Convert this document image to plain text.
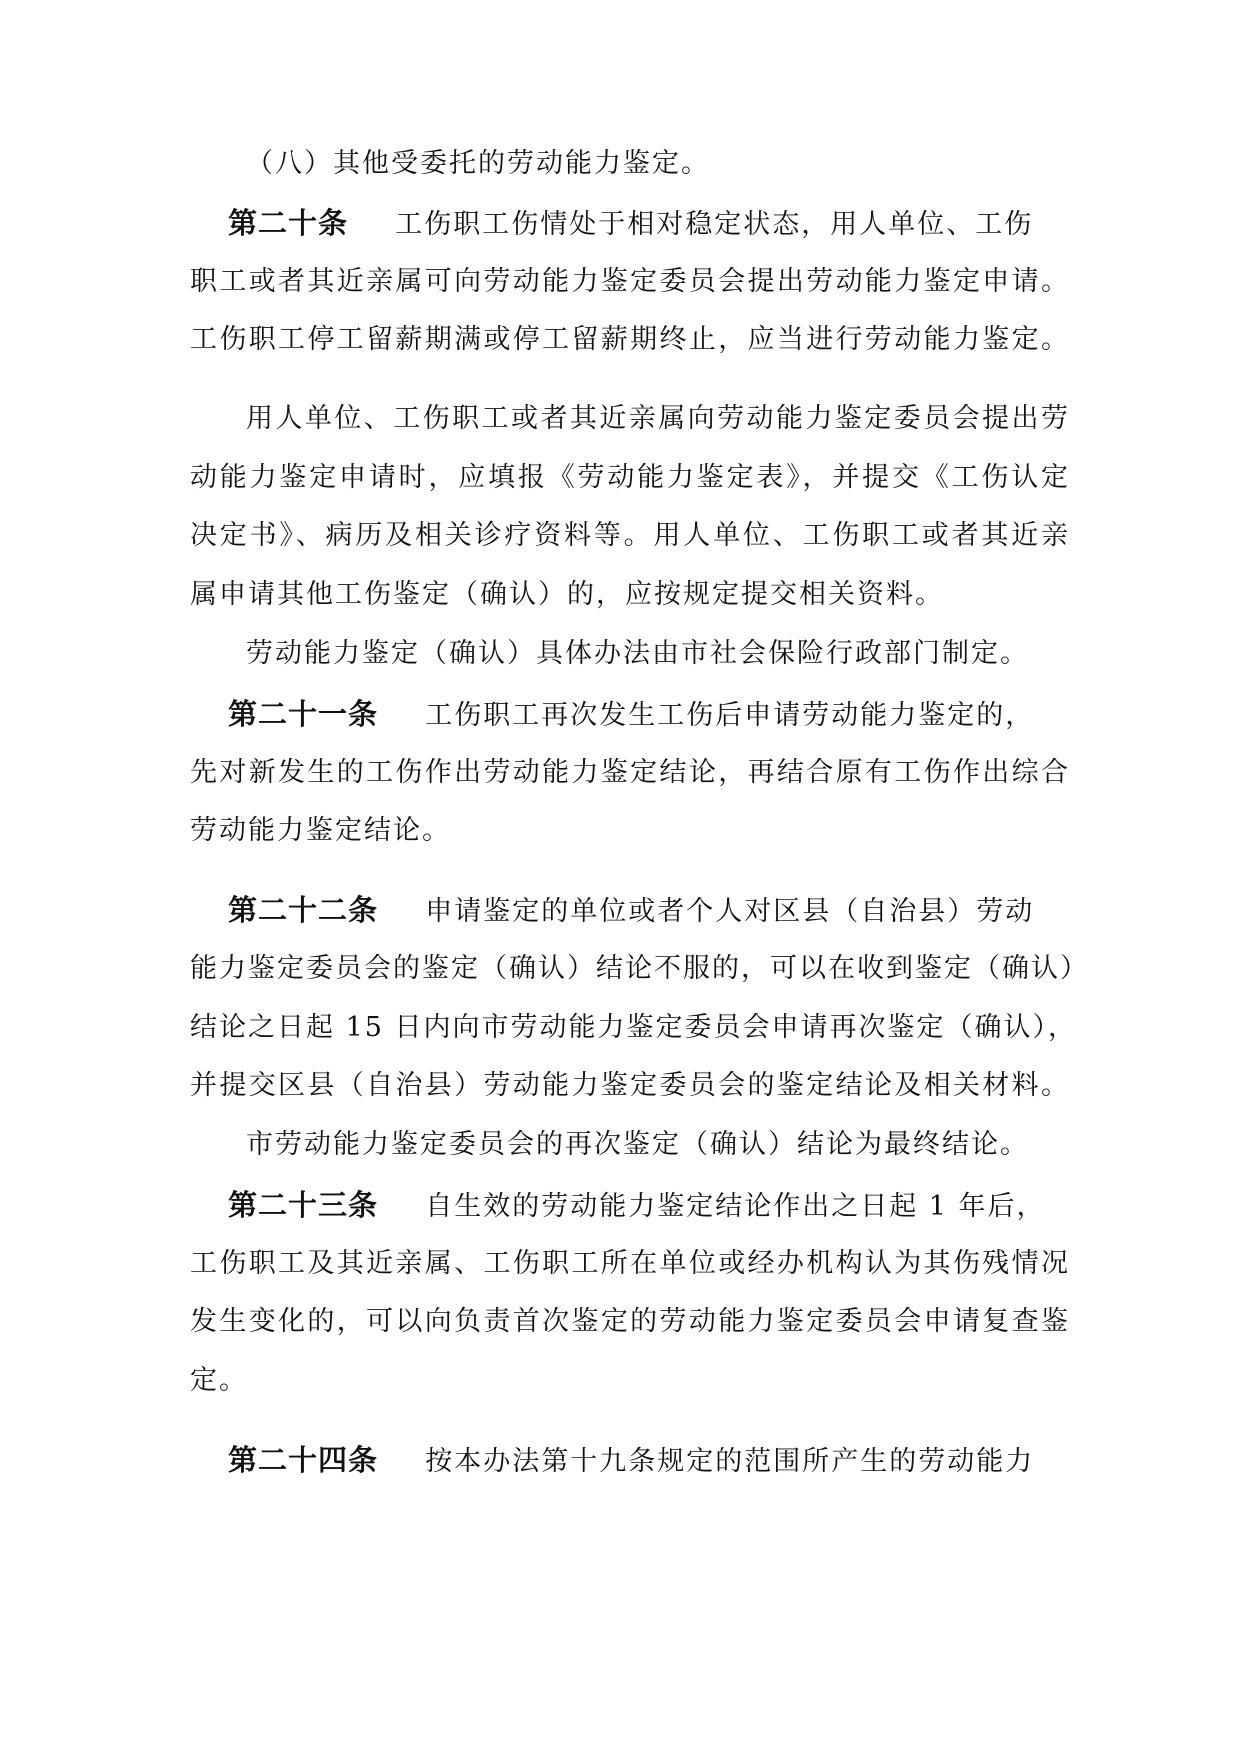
（八）其他受委托的劳动能力鉴定。
第二十条 工伤职工伤情处于相对稳定状态，用人单位、工伤
职工或者其近亲属可向劳动能力鉴定委员会提出劳动能力鉴定申请。
工伤职工停工留薪期满或停工留薪期终止，应当进行劳动能力鉴定。
用人单位、工伤职工或者其近亲属向劳动能力鉴定委员会提出劳
动能力鉴定申请时，应填报《劳动能力鉴定表》，并提交《工伤认定
决定书》、病历及相关诊疗资料等。用人单位、工伤职工或者其近亲
属申请其他工伤鉴定（确认）的，应按规定提交相关资料。
劳动能力鉴定（确认）具体办法由市社会保险行政部门制定。
第二十一条 工伤职工再次发生工伤后申请劳动能力鉴定的，
先对新发生的工伤作出劳动能力鉴定结论，再结合原有工伤作出综合
劳动能力鉴定结论。
第二十二条 申请鉴定的单位或者个人对区县（自治县）劳动
能力鉴定委员会的鉴定（确认）结论不服的，可以在收到鉴定（确认）
结论之日起 15 日内向市劳动能力鉴定委员会申请再次鉴定（确认），
并提交区县（自治县）劳动能力鉴定委员会的鉴定结论及相关材料。
市劳动能力鉴定委员会的再次鉴定（确认）结论为最终结论。
第二十三条 自生效的劳动能力鉴定结论作出之日起 1 年后，
工伤职工及其近亲属、工伤职工所在单位或经办机构认为其伤残情况
发生变化的，可以向负责首次鉴定的劳动能力鉴定委员会申请复查鉴
定。
第二十四条 按本办法第十九条规定的范围所产生的劳动能力
